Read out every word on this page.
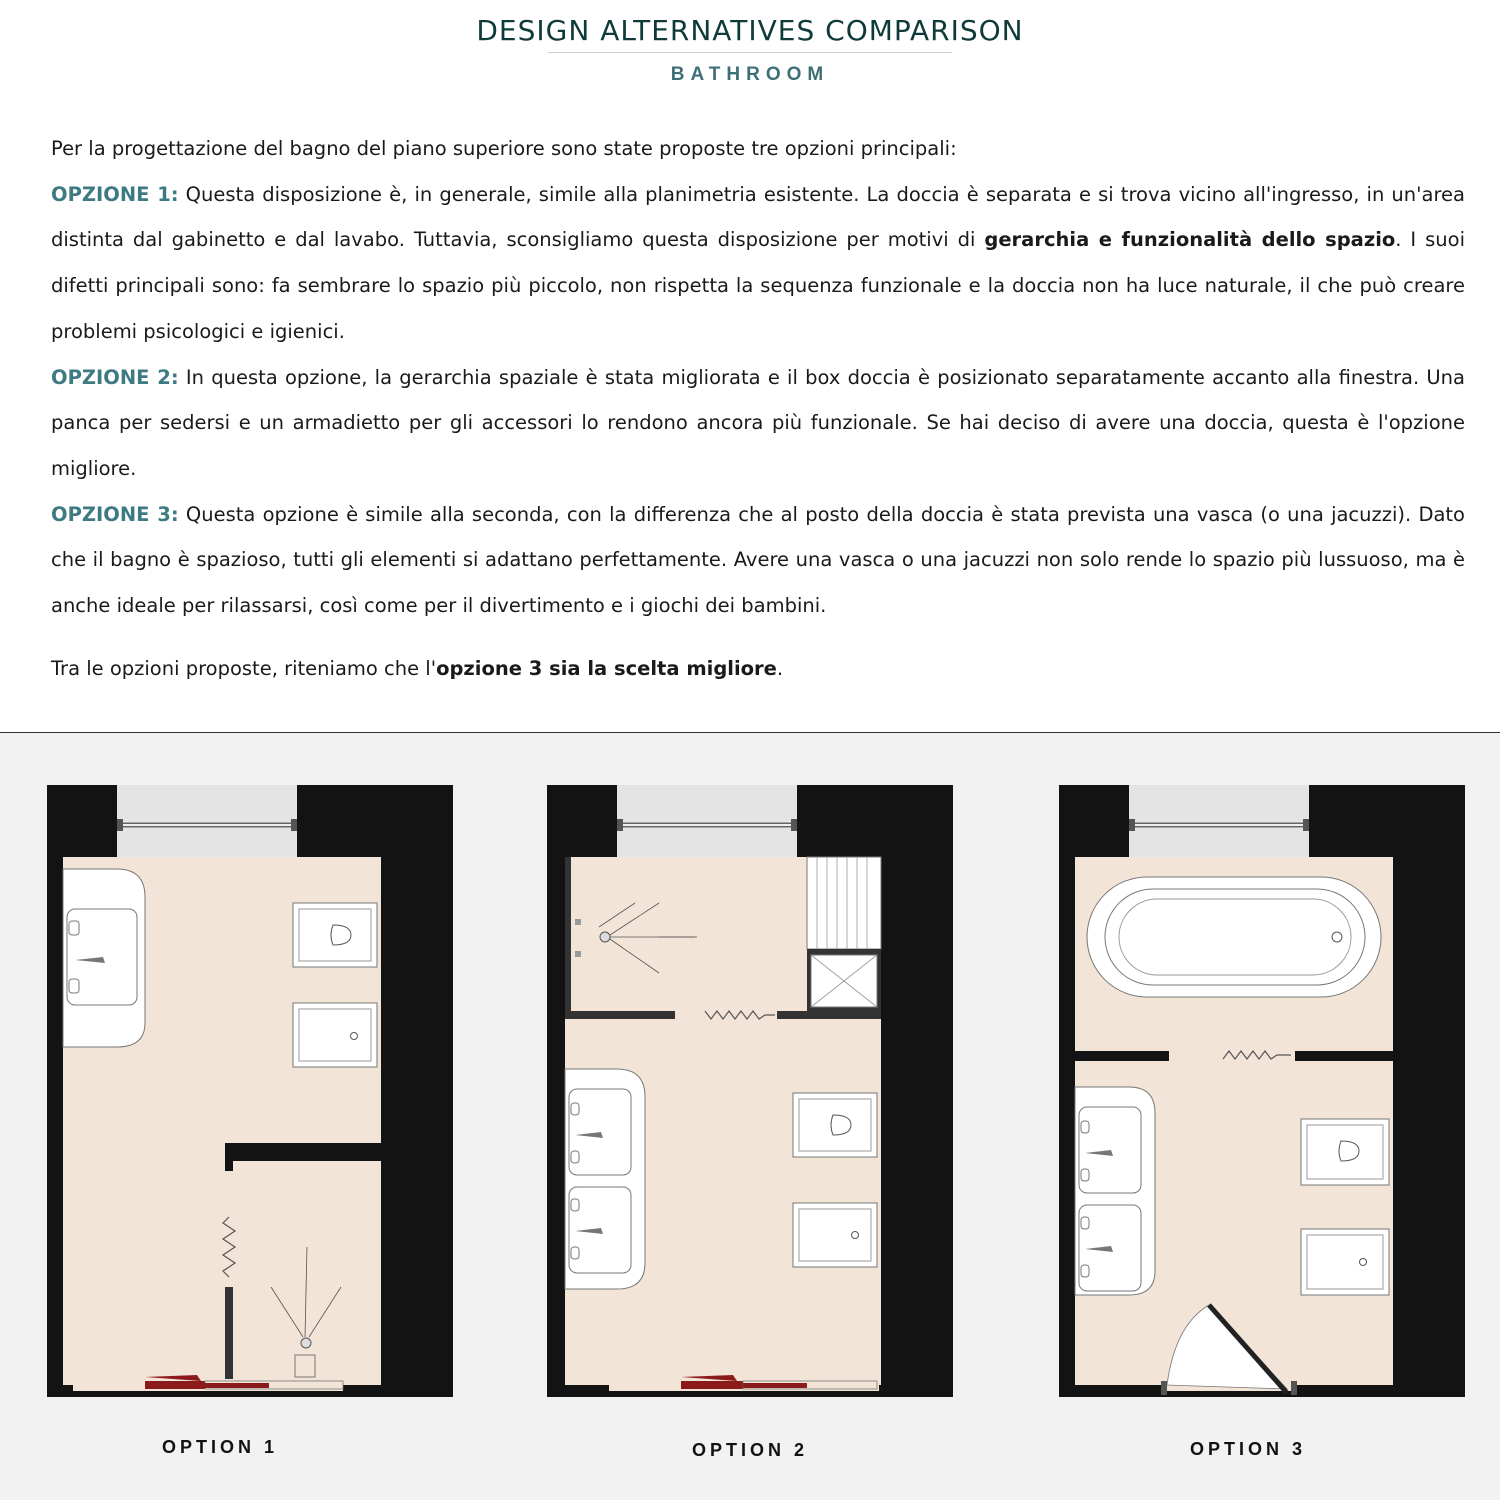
DESIGN ALTERNATIVES COMPARISON
BATHROOM

Per la progettazione del bagno del piano superiore sono state proposte tre opzioni principali:

OPZIONE 1: Questa disposizione è, in generale, simile alla planimetria esistente. La doccia è separata e si trova vicino all'ingresso, in un'area distinta dal gabinetto e dal lavabo. Tuttavia, sconsigliamo questa disposizione per motivi di gerarchia e funzionalità dello spazio. I suoi difetti principali sono: fa sembrare lo spazio più piccolo, non rispetta la sequenza funzionale e la doccia non ha luce naturale, il che può creare problemi psicologici e igienici.

OPZIONE 2: In questa opzione, la gerarchia spaziale è stata migliorata e il box doccia è posizionato separatamente accanto alla finestra. Una panca per sedersi e un armadietto per gli accessori lo rendono ancora più funzionale. Se hai deciso di avere una doccia, questa è l'opzione migliore.

OPZIONE 3: Questa opzione è simile alla seconda, con la differenza che al posto della doccia è stata prevista una vasca (o una jacuzzi). Dato che il bagno è spazioso, tutti gli elementi si adattano perfettamente. Avere una vasca o una jacuzzi non solo rende lo spazio più lussuoso, ma è anche ideale per rilassarsi, così come per il divertimento e i giochi dei bambini.

Tra le opzioni proposte, riteniamo che l'opzione 3 sia la scelta migliore.

OPTION 1	OPTION 2	OPTION 3
